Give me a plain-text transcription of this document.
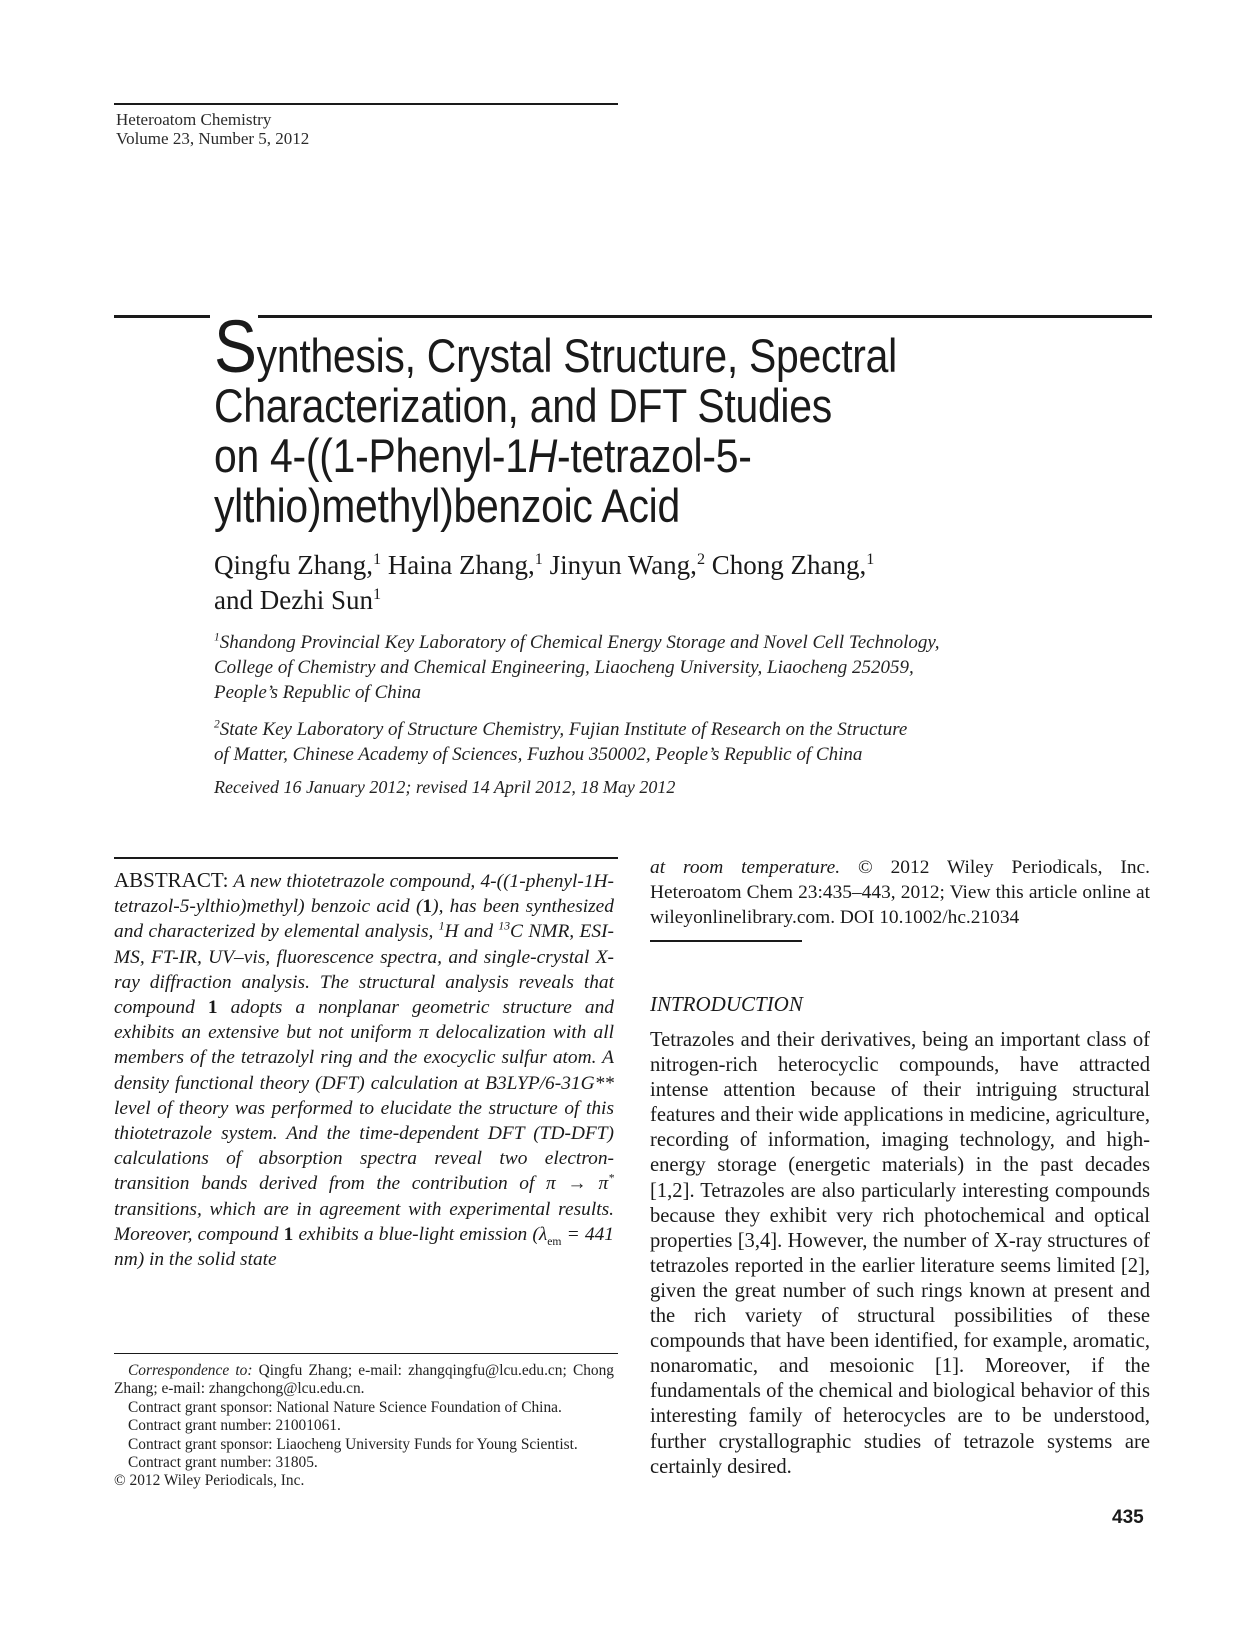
Heteroatom Chemistry
Volume 23, Number 5, 2012
Synthesis, Crystal Structure, Spectral
Characterization, and DFT Studies
on 4-((1-Phenyl-1H-tetrazol-5-
ylthio)methyl)benzoic Acid
Qingfu Zhang,$^1$ Haina Zhang,$^1$ Jinyun Wang,$^2$ Chong Zhang,$^1$
and Dezhi Sun$^1$
$^1$Shandong Provincial Key Laboratory of Chemical Energy Storage and Novel Cell Technology,
College of Chemistry and Chemical Engineering, Liaocheng University, Liaocheng 252059,
People’s Republic of China
$^2$State Key Laboratory of Structure Chemistry, Fujian Institute of Research on the Structure
of Matter, Chinese Academy of Sciences, Fuzhou 350002, People’s Republic of China
Received 16 January 2012; revised 14 April 2012, 18 May 2012
ABSTRACT: A new thiotetrazole compound, 4-((1-phenyl-1H-tetrazol-5-ylthio)methyl) benzoic acid (1), has been synthesized and characterized by elemental analysis, $^1$H and $^{13}$C NMR, ESI-MS, FT-IR, UV–vis, fluorescence spectra, and single-crystal X-ray diffraction analysis. The structural analysis reveals that compound 1 adopts a nonplanar geometric structure and exhibits an extensive but not uniform π delocalization with all members of the tetrazolyl ring and the exocyclic sulfur atom. A density functional theory (DFT) calculation at B3LYP/6-31G** level of theory was performed to elucidate the structure of this thiotetrazole system. And the time-dependent DFT (TD-DFT) calculations of absorption spectra reveal two electron-transition bands derived from the contribution of π → π* transitions, which are in agreement with experimental results. Moreover, compound 1 exhibits a blue-light emission ($\lambda_{em} = 441$ nm) in the solid state

Correspondence to: Qingfu Zhang; e-mail: zhangqingfu@lcu.edu.cn; Chong Zhang; e-mail: zhangchong@lcu.edu.cn.

Contract grant sponsor: National Nature Science Foundation of China.

Contract grant number: 21001061.

Contract grant sponsor: Liaocheng University Funds for Young Scientist.

Contract grant number: 31805.

© 2012 Wiley Periodicals, Inc.

at room temperature. © 2012 Wiley Periodicals, Inc. Heteroatom Chem 23:435–443, 2012; View this article online at wileyonlinelibrary.com. DOI 10.1002/hc.21034
INTRODUCTION
Tetrazoles and their derivatives, being an important class of nitrogen-rich heterocyclic compounds, have attracted intense attention because of their intriguing structural features and their wide applications in medicine, agriculture, recording of information, imaging technology, and high-energy storage (energetic materials) in the past decades [1,2]. Tetrazoles are also particularly interesting compounds because they exhibit very rich photochemical and optical properties [3,4]. However, the number of X-ray structures of tetrazoles reported in the earlier literature seems limited [2], given the great number of such rings known at present and the rich variety of structural possibilities of these compounds that have been identified, for example, aromatic, nonaromatic, and mesoionic [1]. Moreover, if the fundamentals of the chemical and biological behavior of this interesting family of heterocycles are to be understood, further crystallographic studies of tetrazole systems are certainly desired.
435
